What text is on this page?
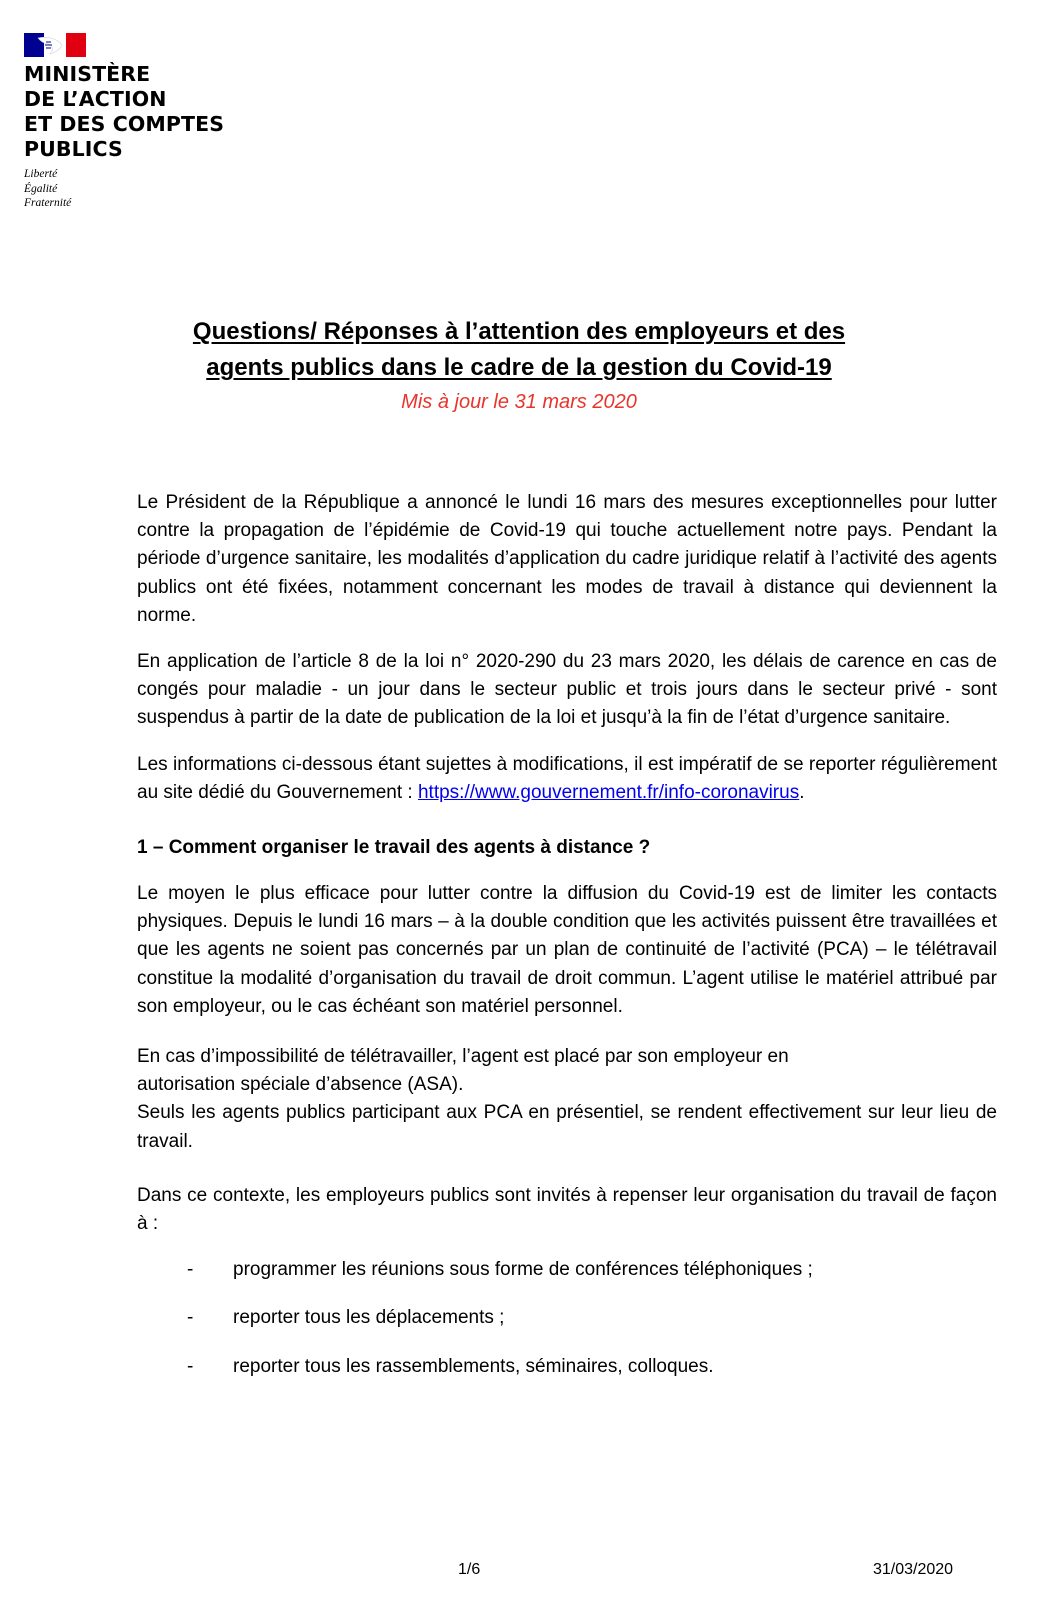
MINISTÈRE
DE L’ACTION
ET DES COMPTES
PUBLICS
Liberté
Égalité
Fraternité
Questions/ Réponses à l’attention des employeurs et des
agents publics dans le cadre de la gestion du Covid-19
Mis à jour le 31 mars 2020

Le Président de la République a annoncé le lundi 16 mars des mesures exceptionnelles pour lutter contre la propagation de l’épidémie de Covid-19 qui touche actuellement notre pays. Pendant la période d’urgence sanitaire, les modalités d’application du cadre juridique relatif à l’activité des agents publics ont été fixées, notamment concernant les modes de travail à distance qui deviennent la norme.

En application de l’article 8 de la loi n° 2020-290 du 23 mars 2020, les délais de carence en cas de congés pour maladie - un jour dans le secteur public et trois jours dans le secteur privé - sont suspendus à partir de la date de publication de la loi et jusqu’à la fin de l’état d’urgence sanitaire.

Les informations ci-dessous étant sujettes à modifications, il est impératif de se reporter régulièrement au site dédié du Gouvernement : https://www.gouvernement.fr/info-coronavirus.

1 – Comment organiser le travail des agents à distance ?

Le moyen le plus efficace pour lutter contre la diffusion du Covid-19 est de limiter les contacts physiques. Depuis le lundi 16 mars – à la double condition que les activités puissent être travaillées et que les agents ne soient pas concernés par un plan de continuité de l’activité (PCA) – le télétravail constitue la modalité d’organisation du travail de droit commun. L’agent utilise le matériel attribué par son employeur, ou le cas échéant son matériel personnel.

En cas d’impossibilité de télétravailler, l’agent est placé par son employeur en
autorisation spéciale d’absence (ASA).

Seuls les agents publics participant aux PCA en présentiel, se rendent effectivement sur leur lieu de travail.

Dans ce contexte, les employeurs publics sont invités à repenser leur organisation du travail de façon à :

- programmer les réunions sous forme de conférences téléphoniques ;
- reporter tous les déplacements ;
- reporter tous les rassemblements, séminaires, colloques.
1/6	31/03/2020
